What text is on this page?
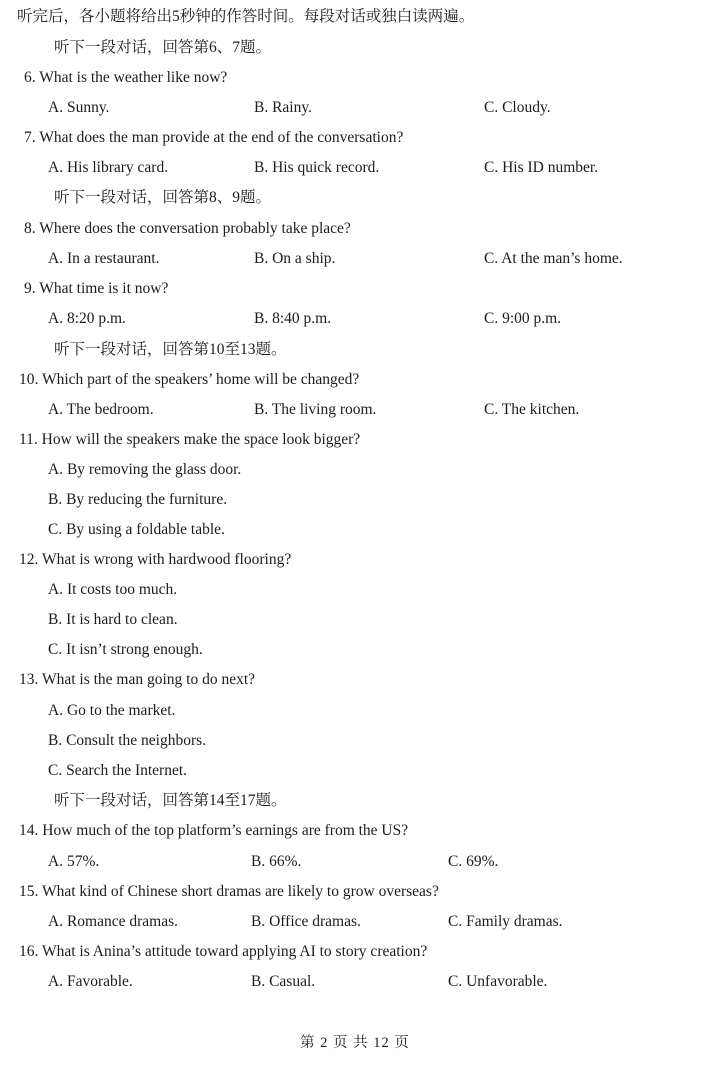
听完后，各小题将给出5秒钟的作答时间。每段对话或独白读两遍。
听下一段对话，回答第6、7题。
6. What is the weather like now?
A. Sunny.	B. Rainy.	C. Cloudy.
7. What does the man provide at the end of the conversation?
A. His library card.	B. His quick record.	C. His ID number.
听下一段对话，回答第8、9题。
8. Where does the conversation probably take place?
A. In a restaurant.	B. On a ship.	C. At the man’s home.
9. What time is it now?
A. 8:20 p.m.	B. 8:40 p.m.	C. 9:00 p.m.
听下一段对话，回答第10至13题。
10. Which part of the speakers’ home will be changed?
A. The bedroom.	B. The living room.	C. The kitchen.
11. How will the speakers make the space look bigger?
A. By removing the glass door.
B. By reducing the furniture.
C. By using a foldable table.
12. What is wrong with hardwood flooring?
A. It costs too much.
B. It is hard to clean.
C. It isn’t strong enough.
13. What is the man going to do next?
A. Go to the market.
B. Consult the neighbors.
C. Search the Internet.
听下一段对话，回答第14至17题。
14. How much of the top platform’s earnings are from the US?
A. 57%.	B. 66%.	C. 69%.
15. What kind of Chinese short dramas are likely to grow overseas?
A. Romance dramas.	B. Office dramas.	C. Family dramas.
16. What is Anina’s attitude toward applying AI to story creation?
A. Favorable.	B. Casual.	C. Unfavorable.
第 2 页 共 12 页
